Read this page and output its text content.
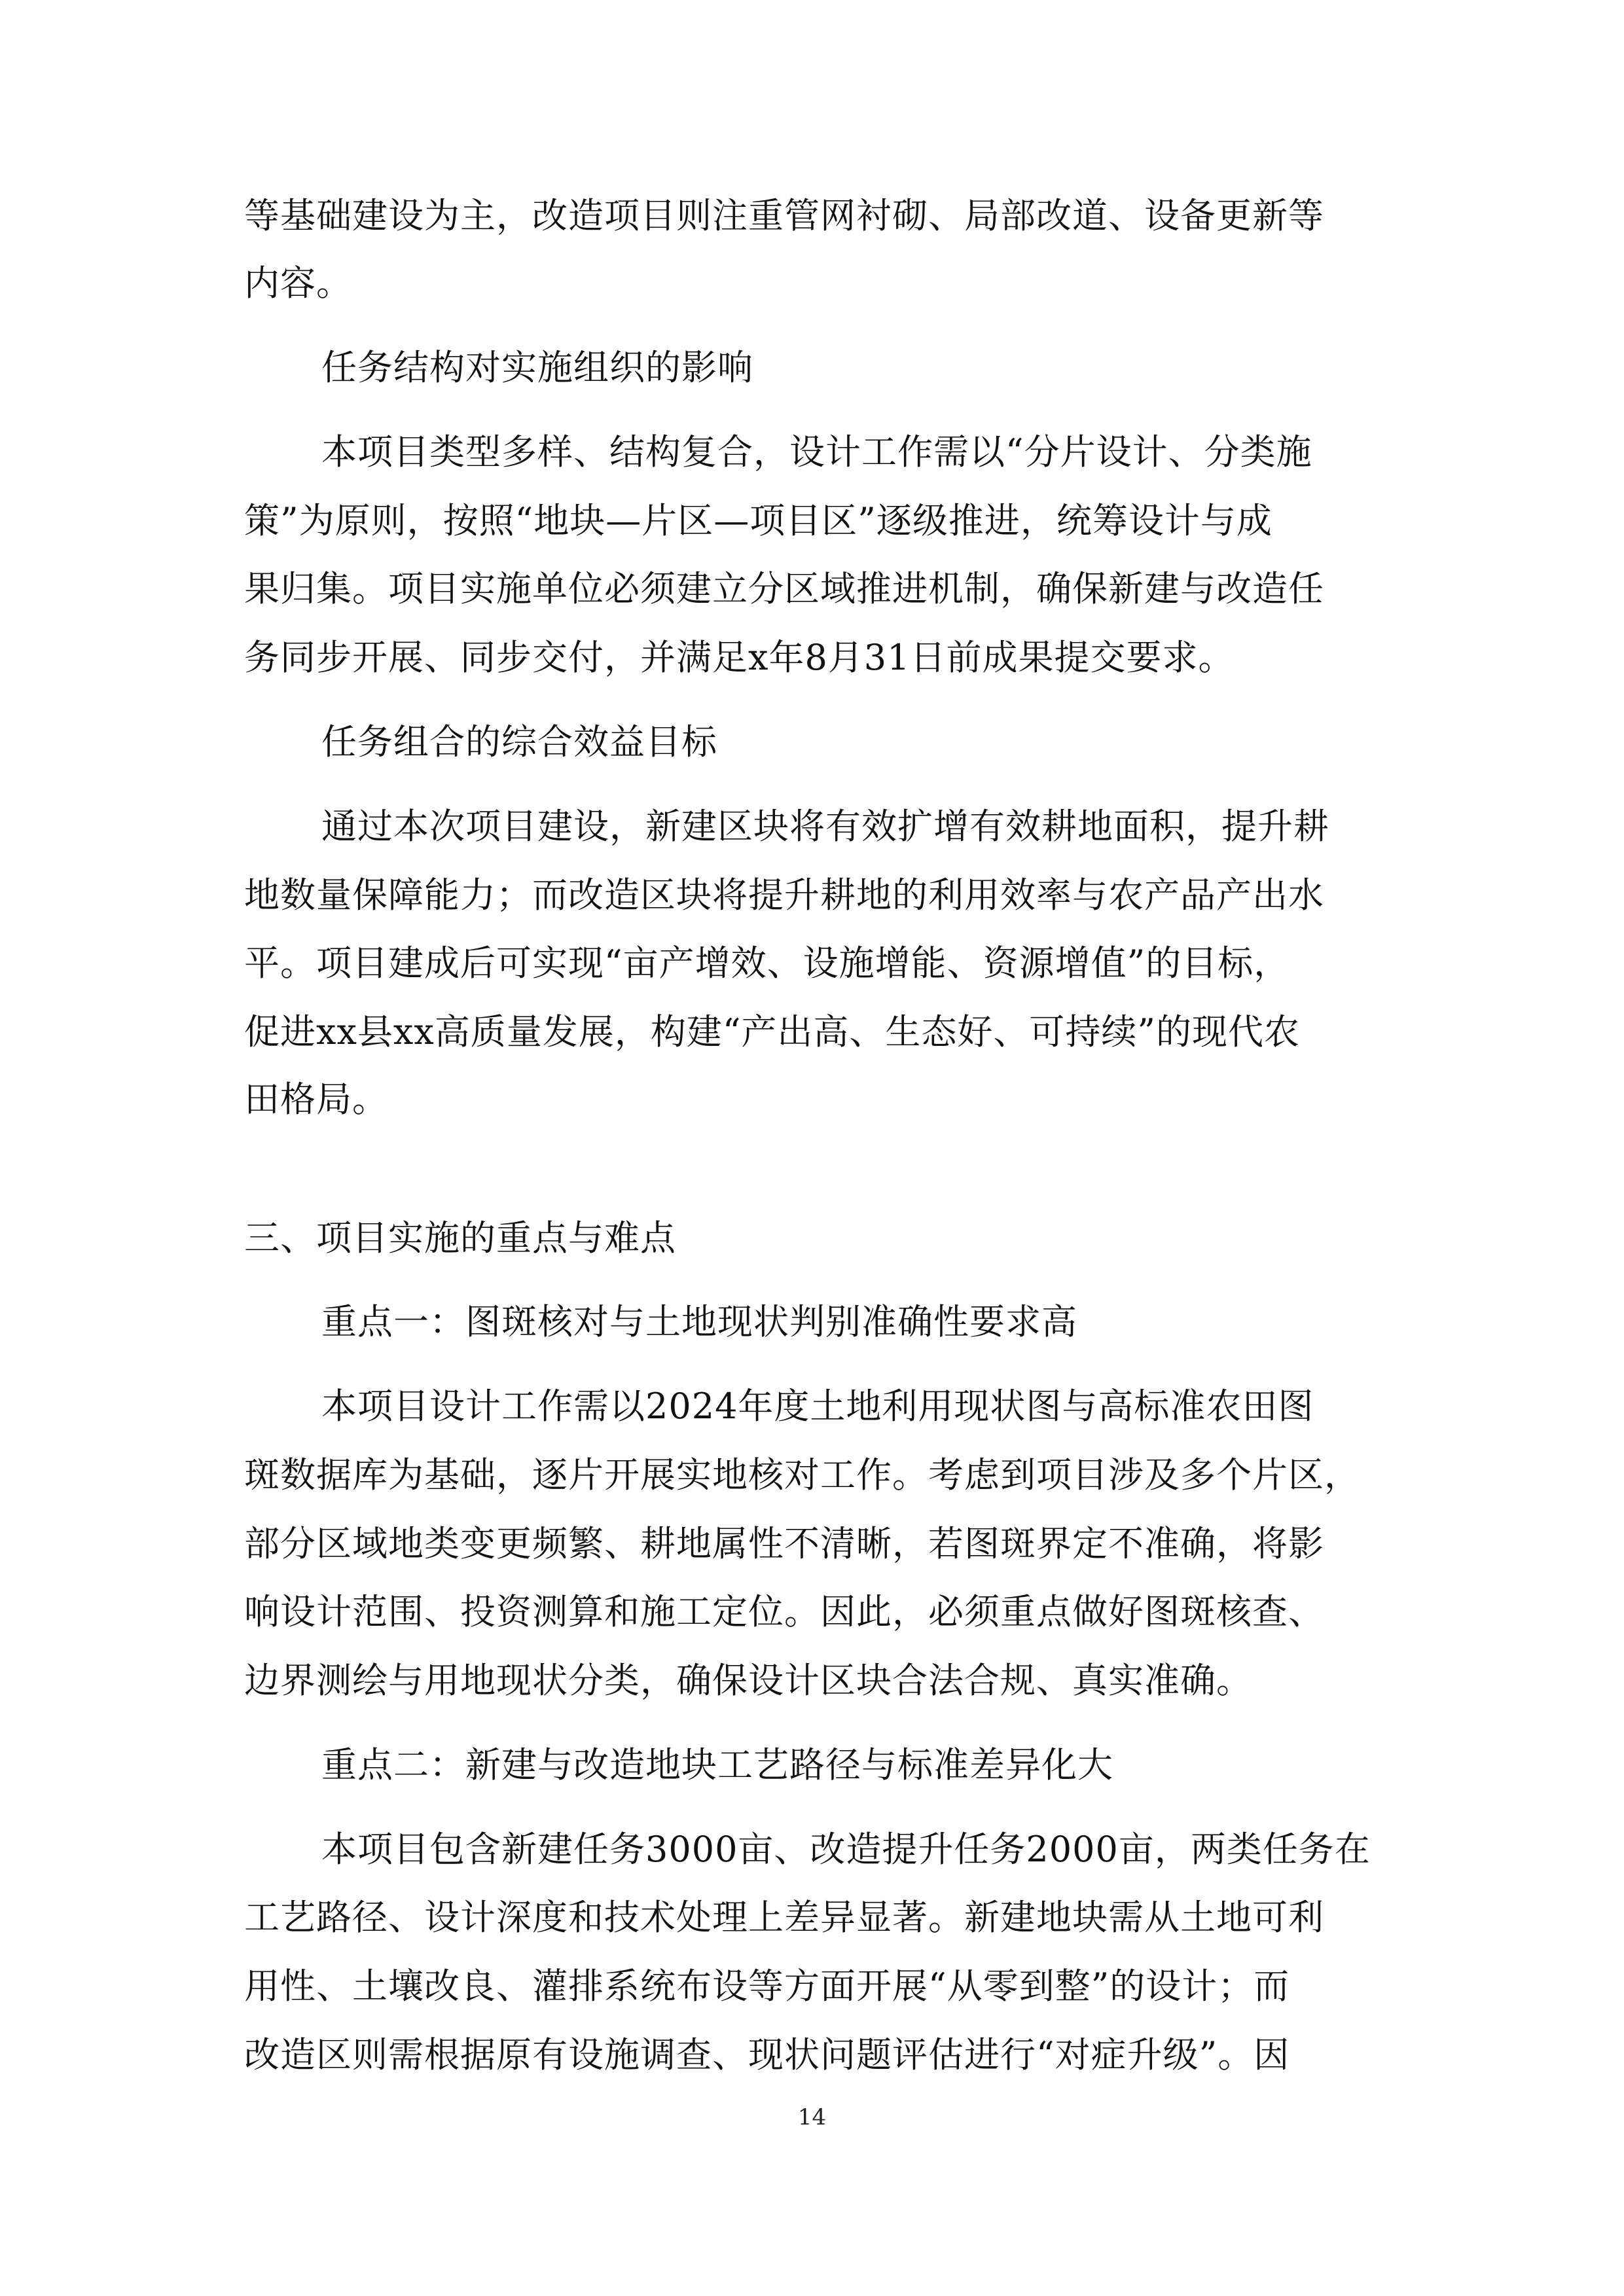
等基础建设为主，改造项目则注重管网衬砌、局部改道、设备更新等
内容。
任务结构对实施组织的影响
本项目类型多样、结构复合，设计工作需以“分片设计、分类施
策”为原则，按照“地块—片区—项目区”逐级推进，统筹设计与成
果归集。项目实施单位必须建立分区域推进机制，确保新建与改造任
务同步开展、同步交付，并满足x年8月31日前成果提交要求。
任务组合的综合效益目标
通过本次项目建设，新建区块将有效扩增有效耕地面积，提升耕
地数量保障能力；而改造区块将提升耕地的利用效率与农产品产出水
平。项目建成后可实现“亩产增效、设施增能、资源增值”的目标，
促进xx县xx高质量发展，构建“产出高、生态好、可持续”的现代农
田格局。
三、项目实施的重点与难点
重点一：图斑核对与土地现状判别准确性要求高
本项目设计工作需以2024年度土地利用现状图与高标准农田图
斑数据库为基础，逐片开展实地核对工作。考虑到项目涉及多个片区，
部分区域地类变更频繁、耕地属性不清晰，若图斑界定不准确，将影
响设计范围、投资测算和施工定位。因此，必须重点做好图斑核查、
边界测绘与用地现状分类，确保设计区块合法合规、真实准确。
重点二：新建与改造地块工艺路径与标准差异化大
本项目包含新建任务3000亩、改造提升任务2000亩，两类任务在
工艺路径、设计深度和技术处理上差异显著。新建地块需从土地可利
用性、土壤改良、灌排系统布设等方面开展“从零到整”的设计；而
改造区则需根据原有设施调查、现状问题评估进行“对症升级”。因
14
